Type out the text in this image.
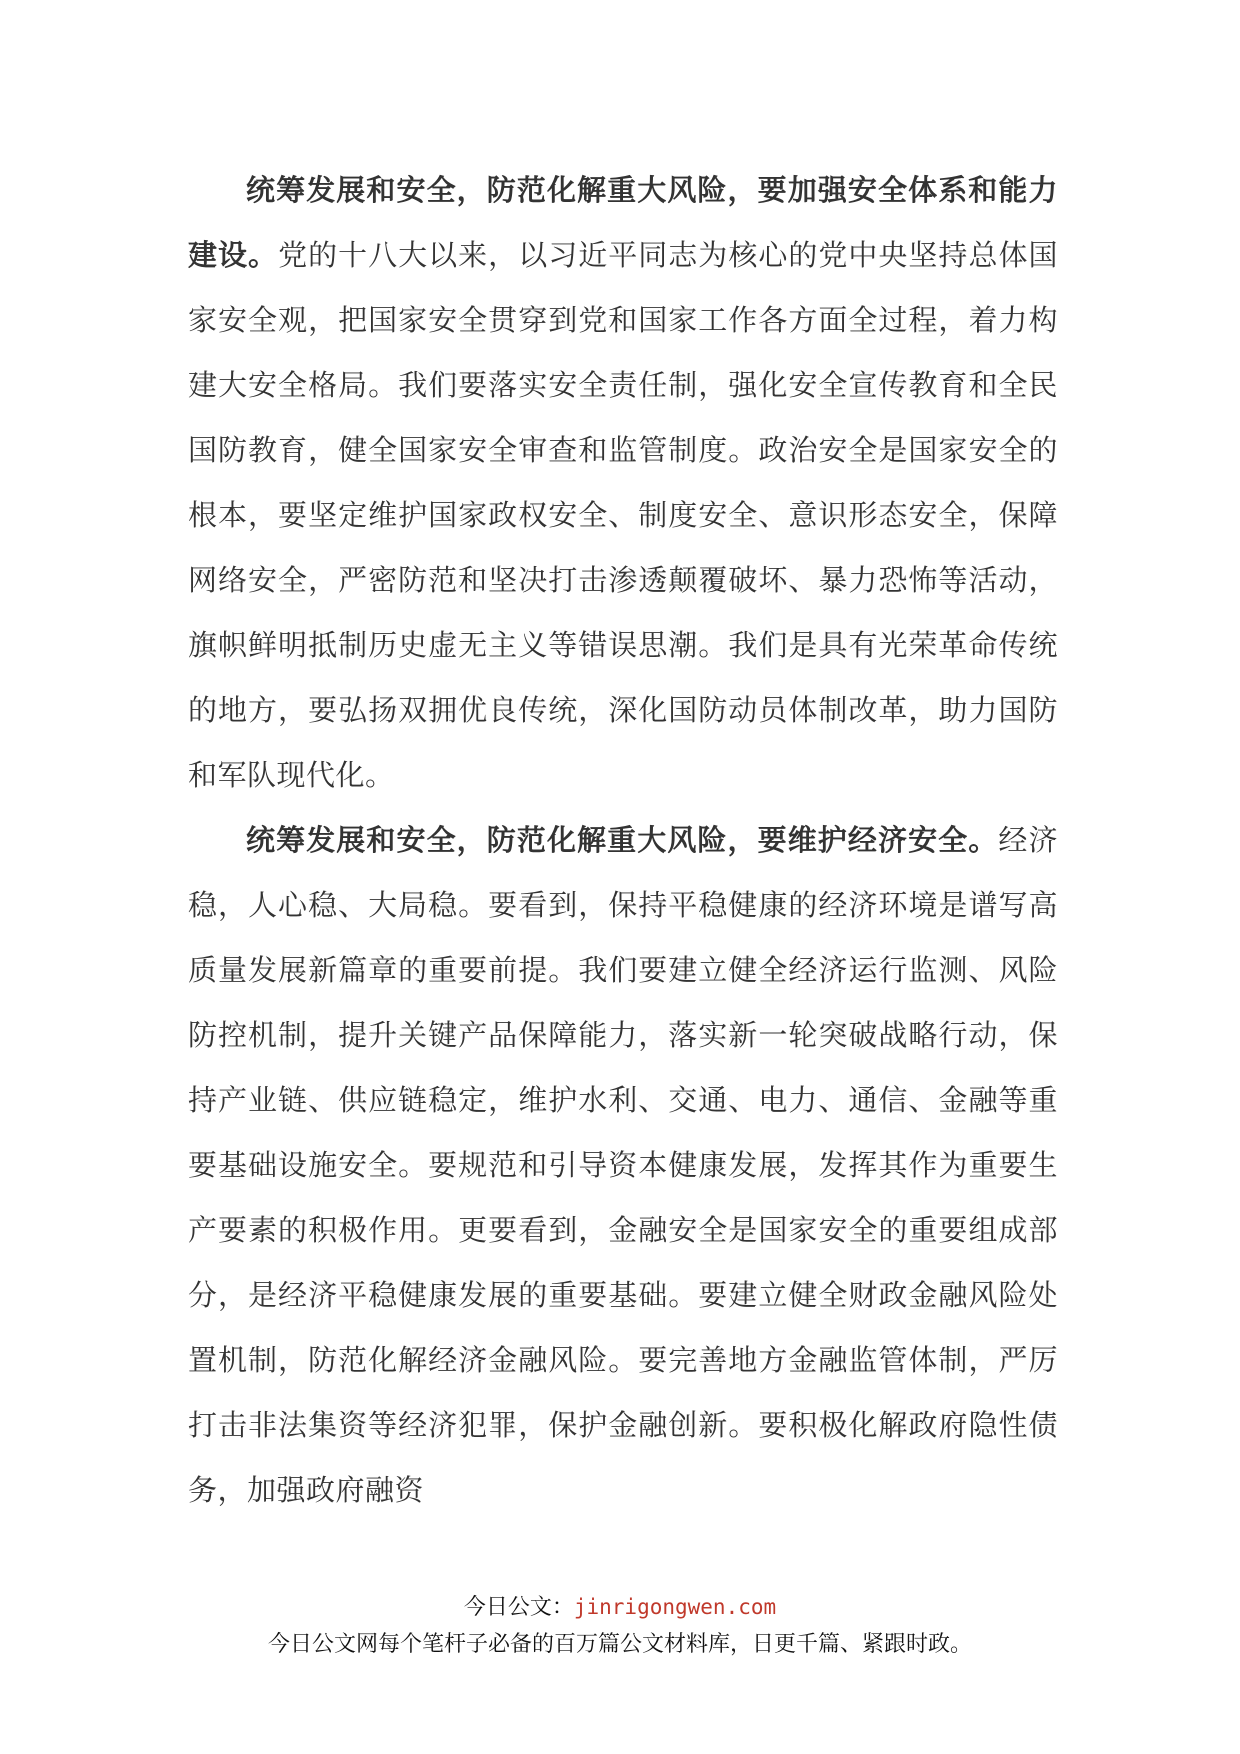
统筹发展和安全，防范化解重大风险，要加强安全体系和能力建设。党的十八大以来，以习近平同志为核心的党中央坚持总体国家安全观，把国家安全贯穿到党和国家工作各方面全过程，着力构建大安全格局。我们要落实安全责任制，强化安全宣传教育和全民国防教育，健全国家安全审查和监管制度。政治安全是国家安全的根本，要坚定维护国家政权安全、制度安全、意识形态安全，保障网络安全，严密防范和坚决打击渗透颠覆破坏、暴力恐怖等活动，旗帜鲜明抵制历史虚无主义等错误思潮。我们是具有光荣革命传统的地方，要弘扬双拥优良传统，深化国防动员体制改革，助力国防和军队现代化。

统筹发展和安全，防范化解重大风险，要维护经济安全。经济稳，人心稳、大局稳。要看到，保持平稳健康的经济环境是谱写高质量发展新篇章的重要前提。我们要建立健全经济运行监测、风险防控机制，提升关键产品保障能力，落实新一轮突破战略行动，保持产业链、供应链稳定，维护水利、交通、电力、通信、金融等重要基础设施安全。要规范和引导资本健康发展，发挥其作为重要生产要素的积极作用。更要看到，金融安全是国家安全的重要组成部分，是经济平稳健康发展的重要基础。要建立健全财政金融风险处置机制，防范化解经济金融风险。要完善地方金融监管体制，严厉打击非法集资等经济犯罪，保护金融创新。要积极化解政府隐性债务，加强政府融资

今日公文：jinrigongwen.com
今日公文网每个笔杆子必备的百万篇公文材料库，日更千篇、紧跟时政。
